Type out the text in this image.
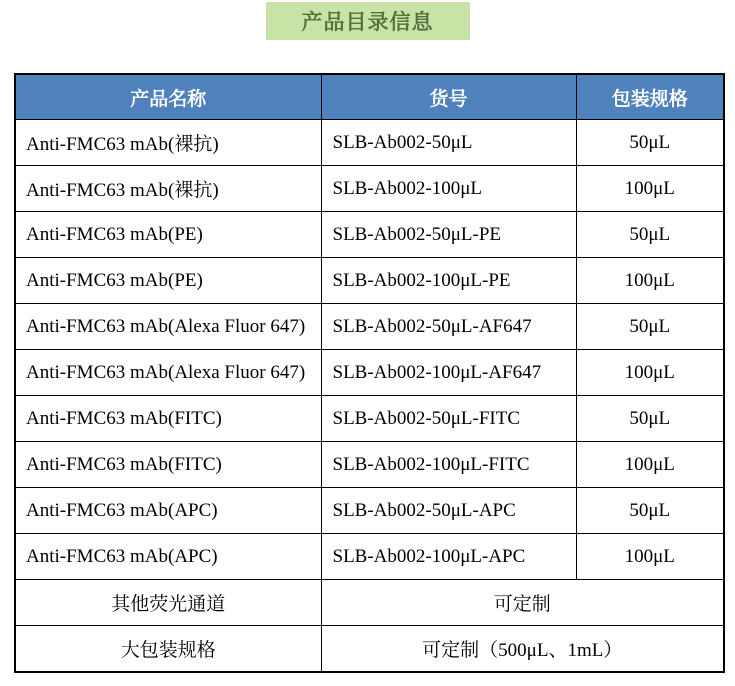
产品目录信息
产品名称	货号	包装规格
Anti-FMC63 mAb(裸抗)	SLB-Ab002-50μL	50μL
Anti-FMC63 mAb(裸抗)	SLB-Ab002-100μL	100μL
Anti-FMC63 mAb(PE)	SLB-Ab002-50μL-PE	50μL
Anti-FMC63 mAb(PE)	SLB-Ab002-100μL-PE	100μL
Anti-FMC63 mAb(Alexa Fluor 647)	SLB-Ab002-50μL-AF647	50μL
Anti-FMC63 mAb(Alexa Fluor 647)	SLB-Ab002-100μL-AF647	100μL
Anti-FMC63 mAb(FITC)	SLB-Ab002-50μL-FITC	50μL
Anti-FMC63 mAb(FITC)	SLB-Ab002-100μL-FITC	100μL
Anti-FMC63 mAb(APC)	SLB-Ab002-50μL-APC	50μL
Anti-FMC63 mAb(APC)	SLB-Ab002-100μL-APC	100μL
其他荧光通道	可定制	
大包装规格	可定制（500μL、1mL）	
